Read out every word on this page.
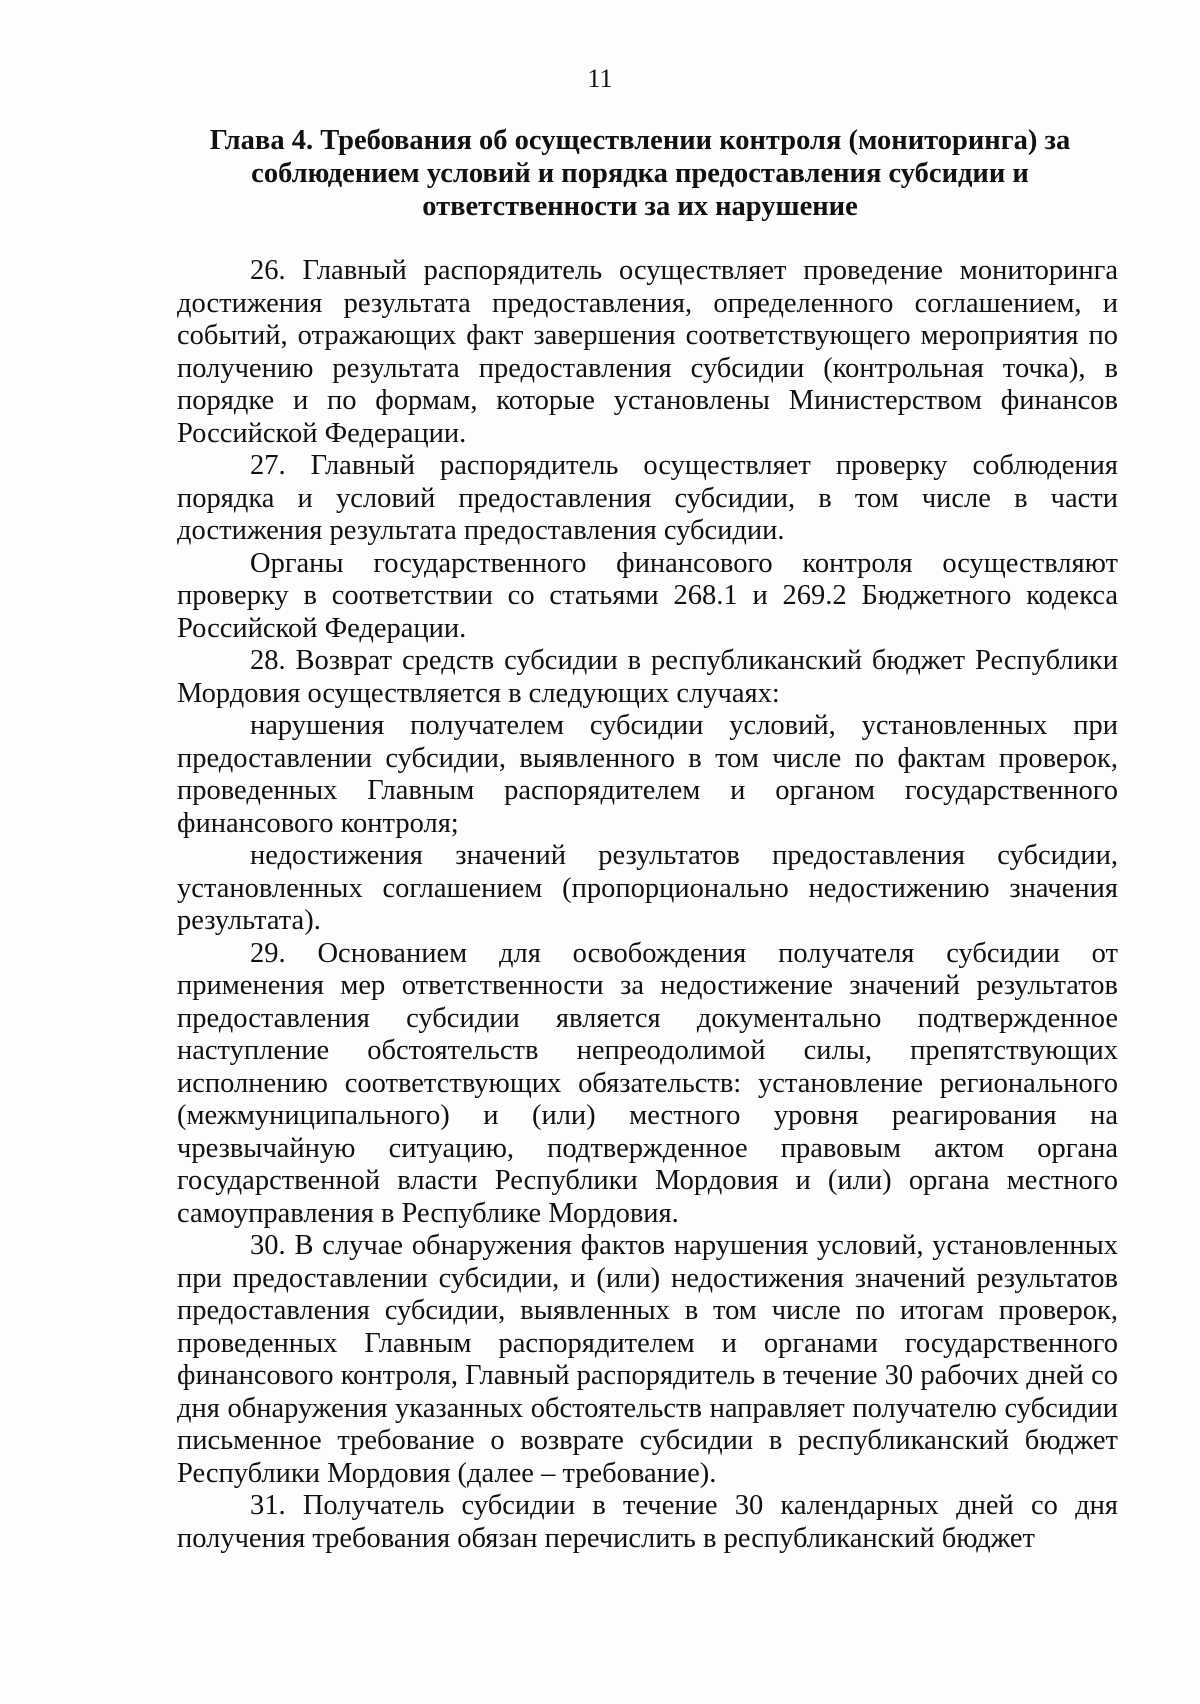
11
Глава 4. Требования об осуществлении контроля (мониторинга) за соблюдением условий и порядка предоставления субсидии и ответственности за их нарушение

26. Главный распорядитель осуществляет проведение мониторинга достижения результата предоставления, определенного соглашением, и событий, отражающих факт завершения соответствующего мероприятия по получению результата предоставления субсидии (контрольная точка), в порядке и по формам, которые установлены Министерством финансов Российской Федерации.

27. Главный распорядитель осуществляет проверку соблюдения порядка и условий предоставления субсидии, в том числе в части достижения результата предоставления субсидии.

Органы государственного финансового контроля осуществляют проверку в соответствии со статьями 268.1 и 269.2 Бюджетного кодекса Российской Федерации.

28. Возврат средств субсидии в республиканский бюджет Республики Мордовия осуществляется в следующих случаях:

нарушения получателем субсидии условий, установленных при предоставлении субсидии, выявленного в том числе по фактам проверок, проведенных Главным распорядителем и органом государственного финансового контроля;

недостижения значений результатов предоставления субсидии, установленных соглашением (пропорционально недостижению значения результата).

29. Основанием для освобождения получателя субсидии от применения мер ответственности за недостижение значений результатов предоставления субсидии является документально подтвержденное наступление обстоятельств непреодолимой силы, препятствующих исполнению соответствующих обязательств: установление регионального (межмуниципального) и (или) местного уровня реагирования на чрезвычайную ситуацию, подтвержденное правовым актом органа государственной власти Республики Мордовия и (или) органа местного самоуправления в Республике Мордовия.

30. В случае обнаружения фактов нарушения условий, установленных при предоставлении субсидии, и (или) недостижения значений результатов предоставления субсидии, выявленных в том числе по итогам проверок, проведенных Главным распорядителем и органами государственного финансового контроля, Главный распорядитель в течение 30 рабочих дней со дня обнаружения указанных обстоятельств направляет получателю субсидии письменное требование о возврате субсидии в республиканский бюджет Республики Мордовия (далее – требование).

31. Получатель субсидии в течение 30 календарных дней со дня получения требования обязан перечислить в республиканский бюджет
